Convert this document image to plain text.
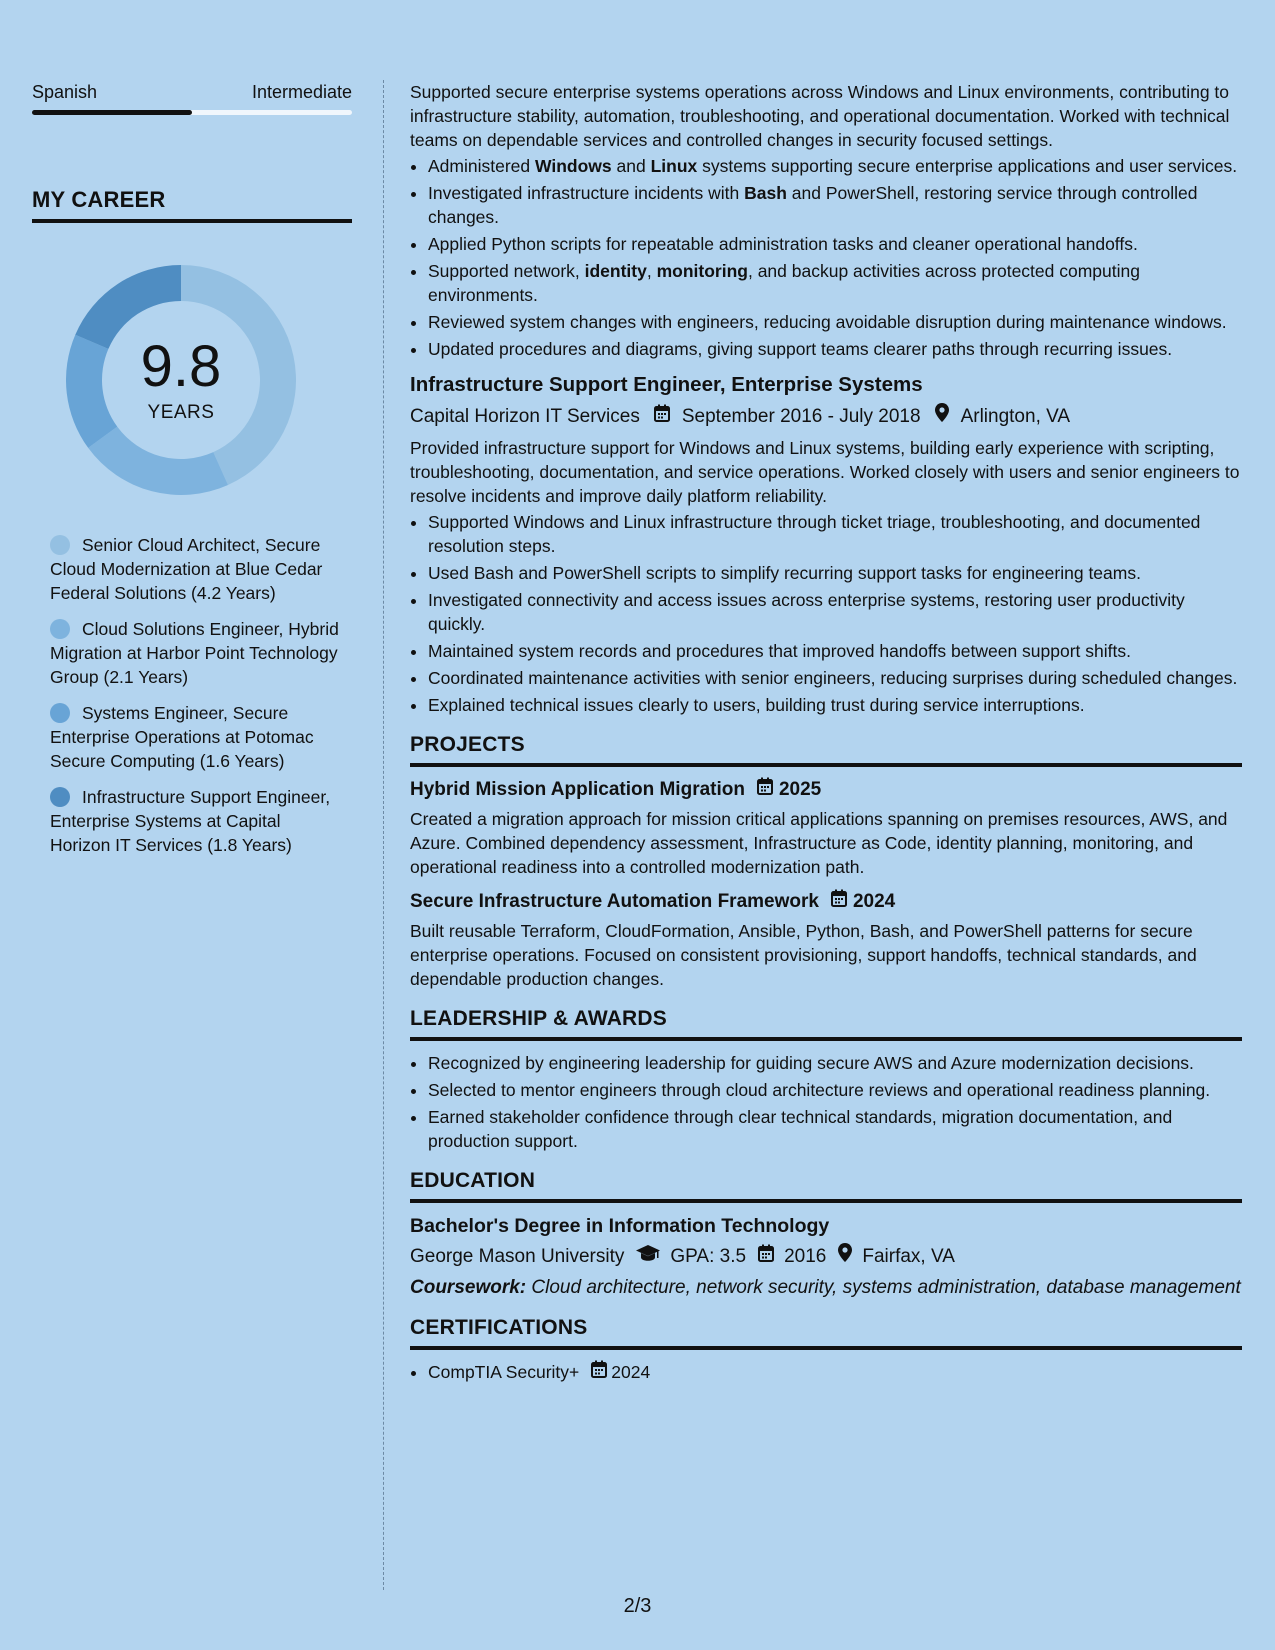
Spanish	Intermediate
MY CAREER
9.8
YEARS
Senior Cloud Architect, Secure Cloud Modernization at Blue Cedar Federal Solutions (4.2 Years)
Cloud Solutions Engineer, Hybrid Migration at Harbor Point Technology Group (2.1 Years)
Systems Engineer, Secure Enterprise Operations at Potomac Secure Computing (1.6 Years)
Infrastructure Support Engineer, Enterprise Systems at Capital Horizon IT Services (1.8 Years)

Supported secure enterprise systems operations across Windows and Linux environments, contributing to infrastructure stability, automation, troubleshooting, and operational documentation. Worked with technical teams on dependable services and controlled changes in security focused settings.

• Administered Windows and Linux systems supporting secure enterprise applications and user services.
• Investigated infrastructure incidents with Bash and PowerShell, restoring service through controlled changes.
• Applied Python scripts for repeatable administration tasks and cleaner operational handoffs.
• Supported network, identity, monitoring, and backup activities across protected computing environments.
• Reviewed system changes with engineers, reducing avoidable disruption during maintenance windows.
• Updated procedures and diagrams, giving support teams clearer paths through recurring issues.
Infrastructure Support Engineer, Enterprise Systems
Capital Horizon IT Services September 2016 - July 2018 Arlington, VA

Provided infrastructure support for Windows and Linux systems, building early experience with scripting, troubleshooting, documentation, and service operations. Worked closely with users and senior engineers to resolve incidents and improve daily platform reliability.

• Supported Windows and Linux infrastructure through ticket triage, troubleshooting, and documented resolution steps.
• Used Bash and PowerShell scripts to simplify recurring support tasks for engineering teams.
• Investigated connectivity and access issues across enterprise systems, restoring user productivity quickly.
• Maintained system records and procedures that improved handoffs between support shifts.
• Coordinated maintenance activities with senior engineers, reducing surprises during scheduled changes.
• Explained technical issues clearly to users, building trust during service interruptions.
PROJECTS
Hybrid Mission Application Migration 2025

Created a migration approach for mission critical applications spanning on premises resources, AWS, and Azure. Combined dependency assessment, Infrastructure as Code, identity planning, monitoring, and operational readiness into a controlled modernization path.

Secure Infrastructure Automation Framework 2024

Built reusable Terraform, CloudFormation, Ansible, Python, Bash, and PowerShell patterns for secure enterprise operations. Focused on consistent provisioning, support handoffs, technical standards, and dependable production changes.

LEADERSHIP & AWARDS
• Recognized by engineering leadership for guiding secure AWS and Azure modernization decisions.
• Selected to mentor engineers through cloud architecture reviews and operational readiness planning.
• Earned stakeholder confidence through clear technical standards, migration documentation, and production support.
EDUCATION
Bachelor's Degree in Information Technology
George Mason University GPA: 3.5 2016 Fairfax, VA
Coursework: Cloud architecture, network security, systems administration, database management
CERTIFICATIONS
• CompTIA Security+ 2024
2/3
